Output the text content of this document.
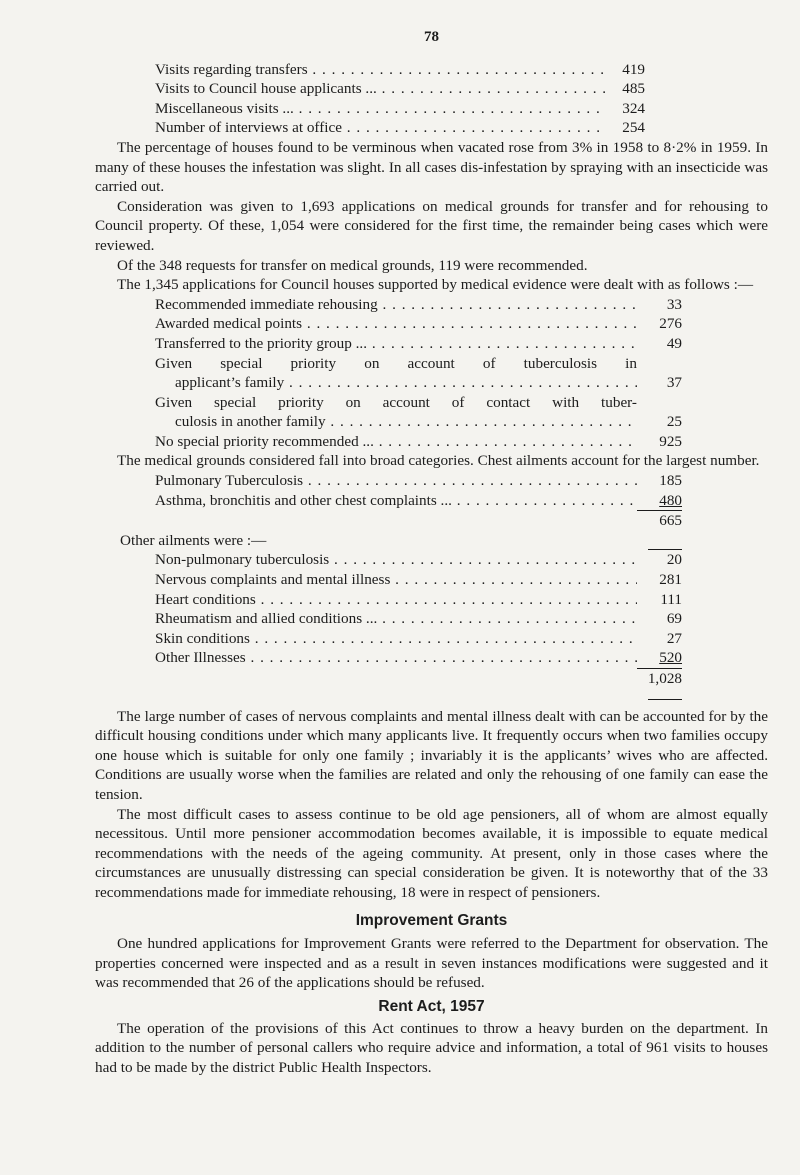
78
Visits regarding transfers . . .	419
Visits to Council house applicants ... . . .	485
Miscellaneous visits ... . . .	324
Number of interviews at office . . .	254

The percentage of houses found to be verminous when vacated rose from 3% in 1958 to 8·2% in 1959. In many of these houses the infestation was slight. In all cases dis-infestation by spraying with an insecticide was carried out.

Consideration was given to 1,693 applications on medical grounds for transfer and for rehousing to Council property. Of these, 1,054 were considered for the first time, the remainder being cases which were reviewed.

Of the 348 requests for transfer on medical grounds, 119 were recommended.

The 1,345 applications for Council houses supported by medical evidence were dealt with as follows :—

Recommended immediate rehousing . . .	33
Awarded medical points . . .	276
Transferred to the priority group ... . . .	49
Given special priority on account of tuberculosis in
applicant’s family . . .	37
Given special priority on account of contact with tuber-
culosis in another family . . .	25
No special priority recommended ... . . .	925

The medical grounds considered fall into broad categories. Chest ailments account for the largest number.

Pulmonary Tuberculosis . . .	185
Asthma, bronchitis and other chest complaints ... . . .	480
665
Other ailments were :—
Non-pulmonary tuberculosis . . .	20
Nervous complaints and mental illness . . .	281
Heart conditions . . .	111
Rheumatism and allied conditions ... . . .	69
Skin conditions . . .	27
Other Illnesses . . .	520
1,028

The large number of cases of nervous complaints and mental illness dealt with can be accounted for by the difficult housing conditions under which many applicants live. It frequently occurs when two families occupy one house which is suitable for only one family ; invariably it is the applicants’ wives who are affected. Conditions are usually worse when the families are related and only the rehousing of one family can ease the tension.

The most difficult cases to assess continue to be old age pensioners, all of whom are almost equally necessitous. Until more pensioner accommodation becomes available, it is impossible to equate medical recommendations with the needs of the ageing community. At present, only in those cases where the circumstances are unusually distressing can special consideration be given. It is noteworthy that of the 33 recommendations made for immediate rehousing, 18 were in respect of pensioners.

Improvement Grants

One hundred applications for Improvement Grants were referred to the Department for observation. The properties concerned were inspected and as a result in seven instances modifications were suggested and it was recommended that 26 of the applications should be refused.

Rent Act, 1957

The operation of the provisions of this Act continues to throw a heavy burden on the department. In addition to the number of personal callers who require advice and information, a total of 961 visits to houses had to be made by the district Public Health Inspectors.
